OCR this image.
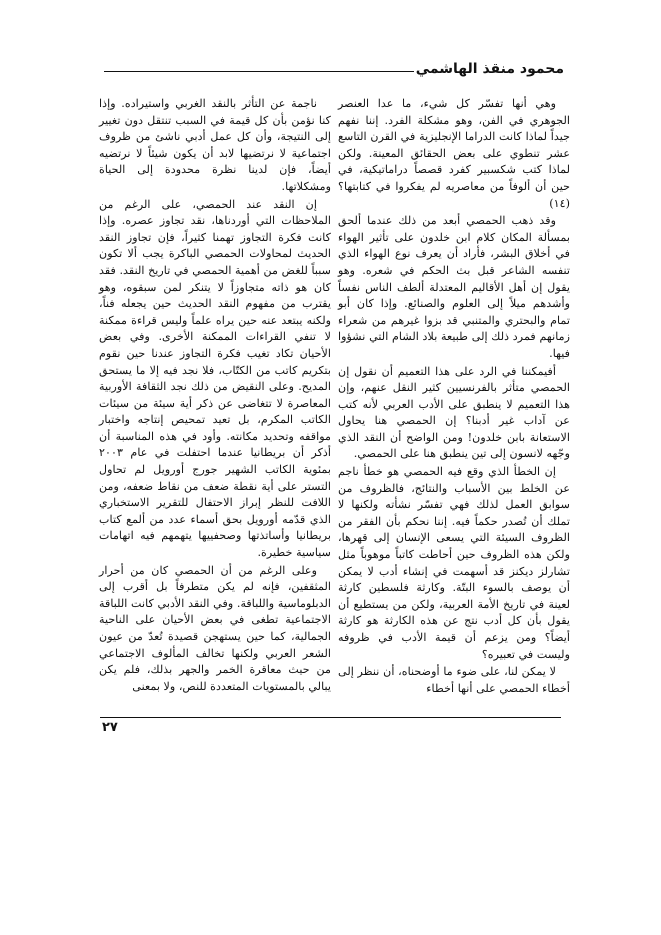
محمود منقذ الهاشمي

وهي أنها تفسّر كل شيء، ما عدا العنصر الجوهري في الفن، وهو مشكلة الفرد. إننا نفهم جيداً لماذا كانت الدراما الإنجليزية في القرن التاسع عشر تنطوي على بعض الحقائق المعينة. ولكن لماذا كتب شكسبير كفرد قصصاً دراماتيكية، في حين أن ألوفاً من معاصريه لم يفكروا في كتابتها؟ (١٤)

وقد ذهب الحمصي أبعد من ذلك عندما ألحق بمسألة المكان كلام ابن خلدون على تأثير الهواء في أخلاق البشر، فأراد أن يعرف نوع الهواء الذي تنفسه الشاعر قبل بث الحكم في شعره. وهو يقول إن أهل الأقاليم المعتدلة ألطف الناس نفساً وأشدهم ميلاً إلى العلوم والصنائع. وإذا كان أبو تمام والبحتري والمتنبي قد بزوا غيرهم من شعراء زمانهم فمرد ذلك إلى طبيعة بلاد الشام التي نشؤوا فيها.

أفيمكننا في الرد على هذا التعميم أن نقول إن الحمصي متأثر بالفرنسيين كثير النقل عنهم، وإن هذا التعميم لا ينطبق على الأدب العربي لأنه كتب عن آداب غير أدبنا؟ إن الحمصي هنا يحاول الاستعانة بابن خلدون! ومن الواضح أن النقد الذي وجّهه لانسون إلى تين ينطبق هنا على الحمصي.

إن الخطأ الذي وقع فيه الحمصي هو خطأ ناجم عن الخلط بين الأسباب والنتائج، فالظروف من سوابق العمل لذلك فهي تفسّر نشأته ولكنها لا تملك أن تُصدر حكماً فيه. إننا نحكم بأن الفقر من الظروف السيئة التي يسعى الإنسان إلى قهرها، ولكن هذه الظروف حين أحاطت كاتباً موهوباً مثل تشارلز ديكنز قد أسهمت في إنشاء أدب لا يمكن أن يوصف بالسوء البتّة. وكارثة فلسطين كارثة لعينة في تاريخ الأمة العربية، ولكن من يستطيع أن يقول بأن كل أدب نتج عن هذه الكارثة هو كارثة أيضاً؟ ومن يزعم أن قيمة الأدب في ظروفه وليست في تعبيره؟

لا يمكن لنا، على ضوء ما أوضحناه، أن ننظر إلى أخطاء الحمصي على أنها أخطاء

ناجمة عن التأثر بالنقد الغربي واستيراده. وإذا كنا نؤمن بأن كل قيمة في السبب تنتقل دون تغيير إلى النتيجة، وأن كل عمل أدبي ناشئ من ظروف اجتماعية لا نرتضيها لابد أن يكون شيئاً لا نرتضيه أيضاً، فإن لدينا نظرة محدودة إلى الحياة ومشكلاتها.

إن النقد عند الحمصي، على الرغم من الملاحظات التي أوردناها، نقد تجاوز عصره. وإذا كانت فكرة التجاوز تهمنا كثيراً، فإن تجاوز النقد الحديث لمحاولات الحمصي الباكرة يجب ألا تكون سبباً للغض من أهمية الحمصي في تاريخ النقد. فقد كان هو ذاته متجاوزاً لا يتنكر لمن سبقوه، وهو يقترب من مفهوم النقد الحديث حين يجعله فناً، ولكنه يبتعد عنه حين يراه علماً وليس قراءة ممكنة لا تنفي القراءات الممكنة الأخرى. وفي بعض الأحيان تكاد تغيب فكرة التجاوز عندنا حين نقوم بتكريم كاتب من الكتّاب، فلا نجد فيه إلا ما يستحق المديح. وعلى النقيض من ذلك نجد الثقافة الأوربية المعاصرة لا تتغاضى عن ذكر أية سيئة من سيئات الكاتب المكرم، بل تعيد تمحيص إنتاجه واختبار مواقفه وتحديد مكانته. وأود في هذه المناسبة أن أذكر أن بريطانيا عندما احتفلت في عام ٢٠٠٣ بمئوية الكاتب الشهير جورج أورويل لم تحاول التستر على أية نقطة ضعف من نقاط ضعفه، ومن اللافت للنظر إبراز الاحتفال للتقرير الاستخباري الذي قدّمه أورويل بحق أسماء عدد من ألمع كتاب بريطانيا وأساتذتها وصحفييها يتهمهم فيه اتهامات سياسية خطيرة.

وعلى الرغم من أن الحمصي كان من أحرار المثقفين، فإنه لم يكن متطرفاً بل أقرب إلى الدبلوماسية واللباقة. وفي النقد الأدبي كانت اللباقة الاجتماعية تطغى في بعض الأحيان على الناحية الجمالية، كما حين يستهجن قصيدة تُعدّ من عيون الشعر العربي ولكنها تخالف المألوف الاجتماعي من حيث معاقرة الخمر والجهر بذلك، فلم يكن يبالي بالمستويات المتعددة للنص، ولا بمعنى

٢٧
